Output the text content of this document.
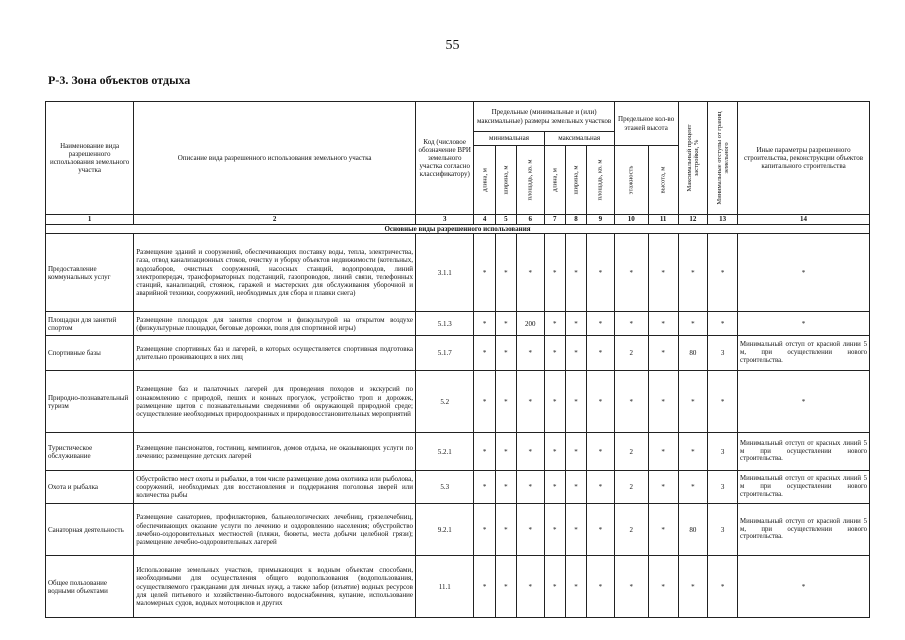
55
Р-3. Зона объектов отдыха
Наименование вида разрешенного использования земельного участка	Описание вида разрешенного использования земельного участка	Код (числовое обозначение ВРИ земельного участка согласно классификатору)	Предельные (минимальные и (или) максимальные) размеры земельных участков						Предельное кол-во этажей высота		Максимальный процент застройки, %	Минимальные отступы от границ земельного	Иные параметры разрешенного строительства, реконструкции объектов капитального строительства
			минимальная			максимальная							

			длина, м	ширина, м	площадь, кв. м	длина, м	ширина, м	площадь, кв. м	этажность	высота, м			

1	2	3	4	5	6	7	8	9	10	11	12	13	14
Основные виды разрешенного использования													
Предоставление коммунальных услуг	Размещение зданий и сооружений, обеспечивающих поставку воды, тепла, электричества, газа, отвод канализационных стоков, очистку и уборку объектов недвижимости (котельных, водозаборов, очистных сооружений, насосных станций, водопроводов, линий электропередач, трансформаторных подстанций, газопроводов, линий связи, телефонных станций, канализаций, стоянок, гаражей и мастерских для обслуживания уборочной и аварийной техники, сооружений, необходимых для сбора и плавки снега)	3.1.1	*	*	*	*	*	*	*	*	*	*	*
Площадки для занятий спортом	Размещение площадок для занятия спортом и физкультурой на открытом воздухе (физкультурные площадки, беговые дорожки, поля для спортивной игры)	5.1.3	*	*	200	*	*	*	*	*	*	*	*
Спортивные базы	Размещение спортивных баз и лагерей, в которых осуществляется спортивная подготовка длительно проживающих в них лиц	5.1.7	*	*	*	*	*	*	2	*	80	3	Минимальный отступ от красной линии 5 м, при осуществлении нового строительства.
Природно-познавательный туризм	Размещение баз и палаточных лагерей для проведения походов и экскурсий по ознакомлению с природой, пеших и конных прогулок, устройство троп и дорожек, размещение щитов с познавательными сведениями об окружающей природной среде; осуществление необходимых природоохранных и природовосстановительных мероприятий	5.2	*	*	*	*	*	*	*	*	*	*	*
Туристическое обслуживание	Размещение пансионатов, гостиниц, кемпингов, домов отдыха, не оказывающих услуги по лечению; размещение детских лагерей	5.2.1	*	*	*	*	*	*	2	*	*	3	Минимальный отступ от красных линий 5 м при осуществлении нового строительства.
Охота и рыбалка	Обустройство мест охоты и рыбалки, в том числе размещение дома охотника или рыболова, сооружений, необходимых для восстановления и поддержания поголовья зверей или количества рыбы	5.3	*	*	*	*	*	*	2	*	*	3	Минимальный отступ от красных линий 5 м при осуществлении нового строительства.
Санаторная деятельность	Размещение санаториев, профилакториев, бальнеологических лечебниц, грязелечебниц, обеспечивающих оказание услуги по лечению и оздоровлению населения; обустройство лечебно-оздоровительных местностей (пляжи, бюветы, места добычи целебной грязи); размещение лечебно-оздоровительных лагерей	9.2.1	*	*	*	*	*	*	2	*	80	3	Минимальный отступ от красной линии 5 м, при осуществлении нового строительства.
Общее пользование водными объектами	Использование земельных участков, примыкающих к водным объектам способами, необходимыми для осуществления общего водопользования (водопользования, осуществляемого гражданами для личных нужд, а также забор (изъятие) водных ресурсов для целей питьевого и хозяйственно-бытового водоснабжения, купание, использование маломерных судов, водных мотоциклов и других	11.1	*	*	*	*	*	*	*	*	*	*	*
